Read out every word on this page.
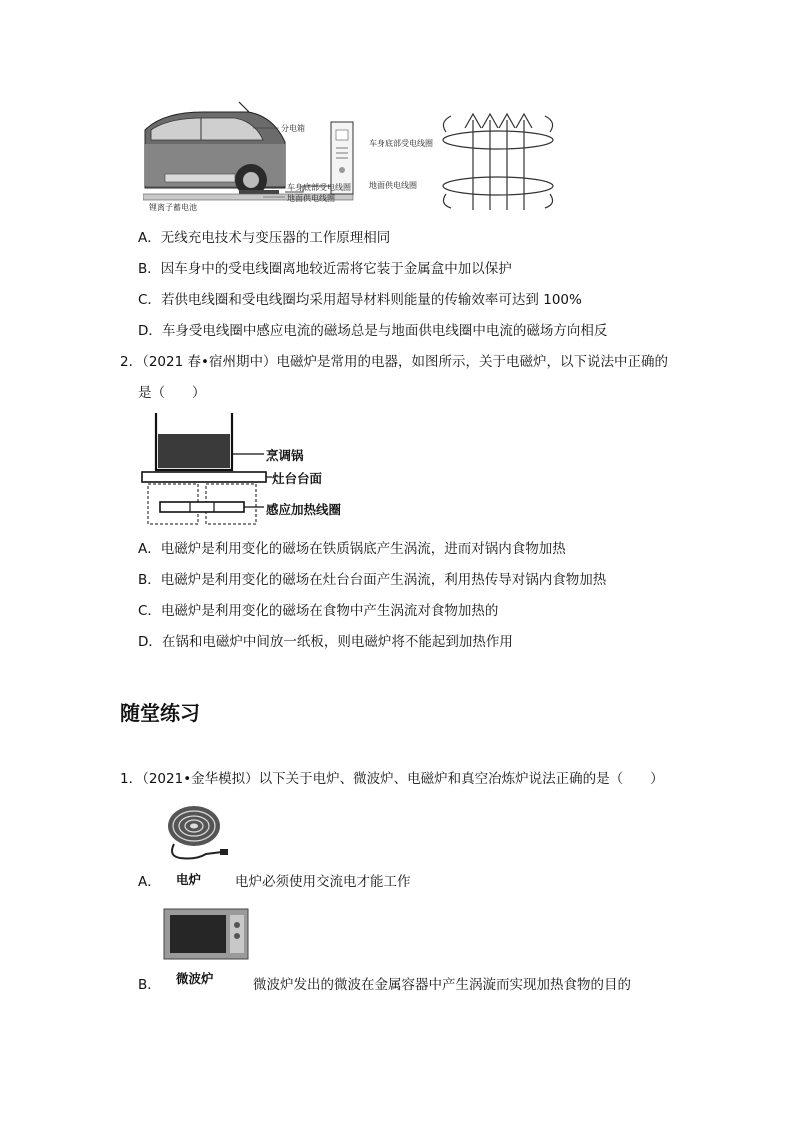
分电箱
车身底部受电线圈
地面供电线圈
锂离子蓄电池
车身底部受电线圈
地面供电线圈
A．无线充电技术与变压器的工作原理相同
B．因车身中的受电线圈离地较近需将它装于金属盒中加以保护
C．若供电线圈和受电线圈均采用超导材料则能量的传输效率可达到 100%
D．车身受电线圈中感应电流的磁场总是与地面供电线圈中电流的磁场方向相反
2．（2021 春•宿州期中）电磁炉是常用的电器，如图所示，关于电磁炉，以下说法中正确的
是（　　）
烹调锅
灶台台面
感应加热线圈
A．电磁炉是利用变化的磁场在铁质锅底产生涡流，进而对锅内食物加热
B．电磁炉是利用变化的磁场在灶台台面产生涡流，利用热传导对锅内食物加热
C．电磁炉是利用变化的磁场在食物中产生涡流对食物加热的
D．在锅和电磁炉中间放一纸板，则电磁炉将不能起到加热作用
随堂练习
1．（2021•金华模拟）以下关于电炉、微波炉、电磁炉和真空冶炼炉说法正确的是（　　）
A． 电炉	电炉必须使用交流电才能工作
B． 微波炉	微波炉发出的微波在金属容器中产生涡漩而实现加热食物的目的
